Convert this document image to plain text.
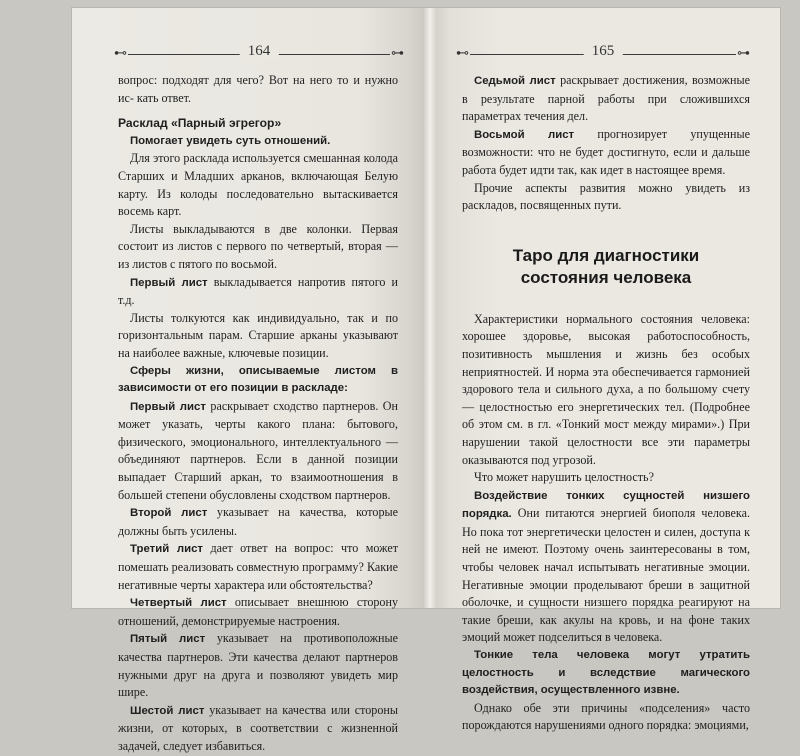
⊷	164	⊶

вопрос: подходят для чего? Вот на него то и нужно ис- кать ответ.

Расклад «Парный эгрегор»

Помогает увидеть суть отношений.

Для этого расклада используется смешанная колода Старших и Младших арканов, включающая Белую карту. Из колоды последовательно вытаскивается восемь карт.

Листы выкладываются в две колонки. Первая состоит из листов с первого по четвертый, вторая — из листов с пятого по восьмой.

Первый лист выкладывается напротив пятого и т.д.

Листы толкуются как индивидуально, так и по горизонтальным парам. Старшие арканы указывают на наиболее важные, ключевые позиции.

Сферы жизни, описываемые листом в зависимости от его позиции в раскладе:

Первый лист раскрывает сходство партнеров. Он может указать, черты какого плана: бытового, физического, эмоционального, интеллектуального — объединяют партнеров. Если в данной позиции выпадает Старший аркан, то взаимоотношения в большей степени обусловлены сходством партнеров.

Второй лист указывает на качества, которые должны быть усилены.

Третий лист дает ответ на вопрос: что может помешать реализовать совместную программу? Какие негативные черты характера или обстоятельства?

Четвертый лист описывает внешнюю сторону отношений, демонстрируемые настроения.

Пятый лист указывает на противоположные качества партнеров. Эти качества делают партнеров нужными друг на друга и позволяют увидеть мир шире.

Шестой лист указывает на качества или стороны жизни, от которых, в соответствии с жизненной задачей, следует избавиться.

⊷	165	⊶

Седьмой лист раскрывает достижения, возможные в результате парной работы при сложившихся параметрах течения дел.

Восьмой лист прогнозирует упущенные возможности: что не будет достигнуто, если и дальше работа будет идти так, как идет в настоящее время.

Прочие аспекты развития можно увидеть из раскладов, посвященных пути.

Таро для диагностики
состояния человека

Характеристики нормального состояния человека: хорошее здоровье, высокая работоспособность, позитивность мышления и жизнь без особых неприятностей. И норма эта обеспечивается гармонией здорового тела и сильного духа, а по большому счету — целостностью его энергетических тел. (Подробнее об этом см. в гл. «Тонкий мост между мирами».) При нарушении такой целостности все эти параметры оказываются под угрозой.

Что может нарушить целостность?

Воздействие тонких сущностей низшего порядка. Они питаются энергией биополя человека. Но пока тот энергетически целостен и силен, доступа к ней не имеют. Поэтому очень заинтересованы в том, чтобы человек начал испытывать негативные эмоции. Негативные эмоции проделывают бреши в защитной оболочке, и сущности низшего порядка реагируют на такие бреши, как акулы на кровь, и на фоне таких эмоций может подселиться в человека.

Тонкие тела человека могут утратить целостность и вследствие магического воздействия, осуществленного извне.

Однако обе эти причины «подселения» часто порождаются нарушениями одного порядка: эмоциями,
